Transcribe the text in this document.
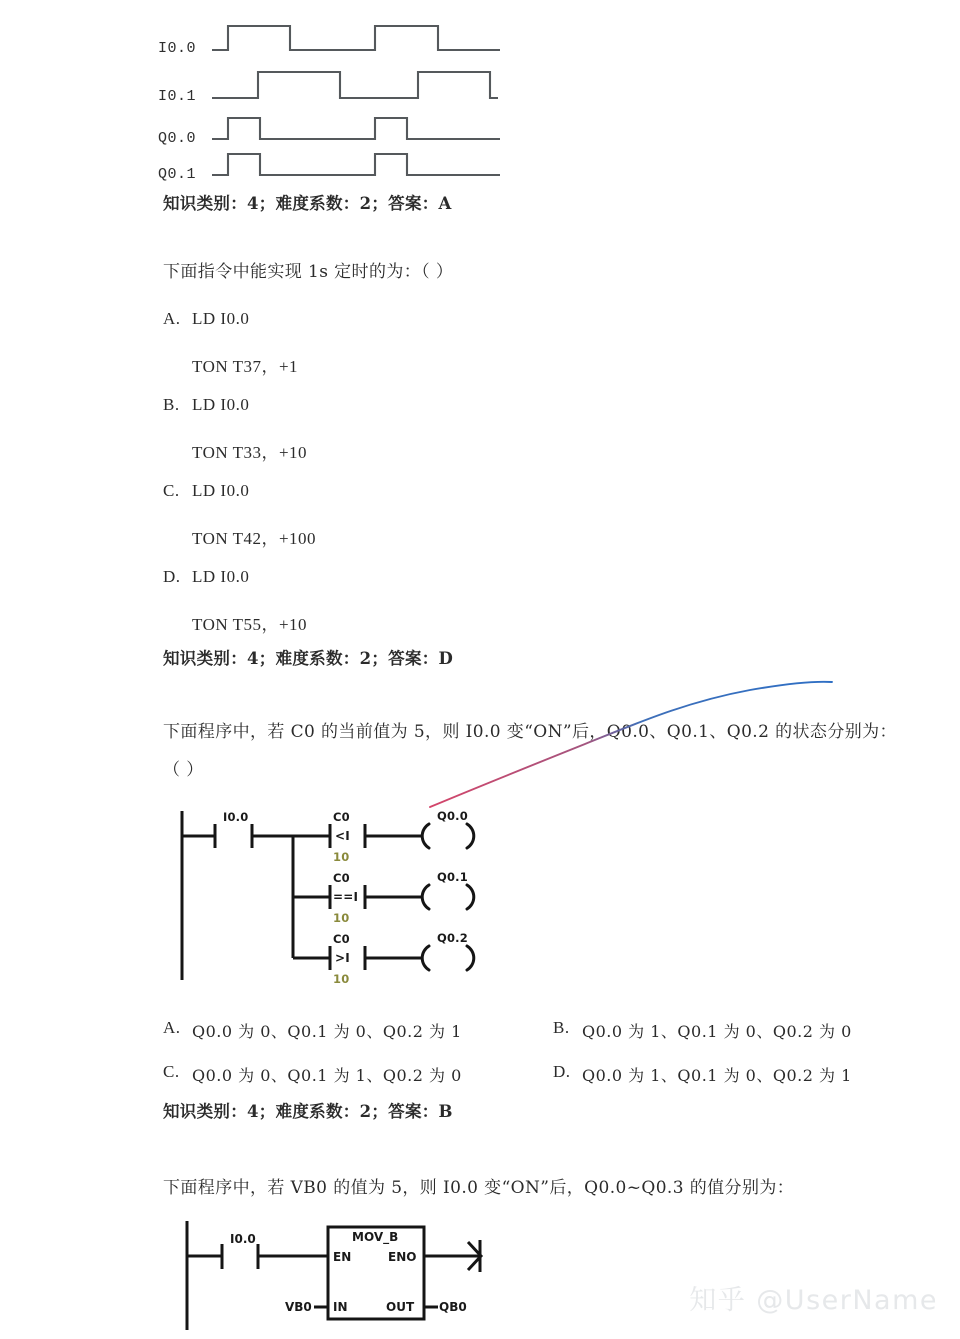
I0.0
I0.1
Q0.0
Q0.1
知识类别：4；难度系数：2；答案：A
下面指令中能实现 1s 定时的为：（ ）
A. LD I0.0
TON T37，+1
B. LD I0.0
TON T33，+10
C. LD I0.0
TON T42，+100
D. LD I0.0
TON T55，+10
知识类别：4；难度系数：2；答案：D
下面程序中，若 C0 的当前值为 5，则 I0.0 变“ON”后，Q0.0、Q0.1、Q0.2 的状态分别为：
（ ）
I0.0	C0
<I
10
Q0.0
C0
==I
10
Q0.1
C0
>I
10
Q0.2
A. Q0.0 为 0、Q0.1 为 0、Q0.2 为 1	B. Q0.0 为 1、Q0.1 为 0、Q0.2 为 0
C. Q0.0 为 0、Q0.1 为 1、Q0.2 为 0	D. Q0.0 为 1、Q0.1 为 0、Q0.2 为 1
知识类别：4；难度系数：2；答案：B
下面程序中，若 VB0 的值为 5，则 I0.0 变“ON”后，Q0.0~Q0.3 的值分别为：
I0.0	MOV_B
EN	ENO
IN	OUT
VB0	QB0	知乎 @UserName
